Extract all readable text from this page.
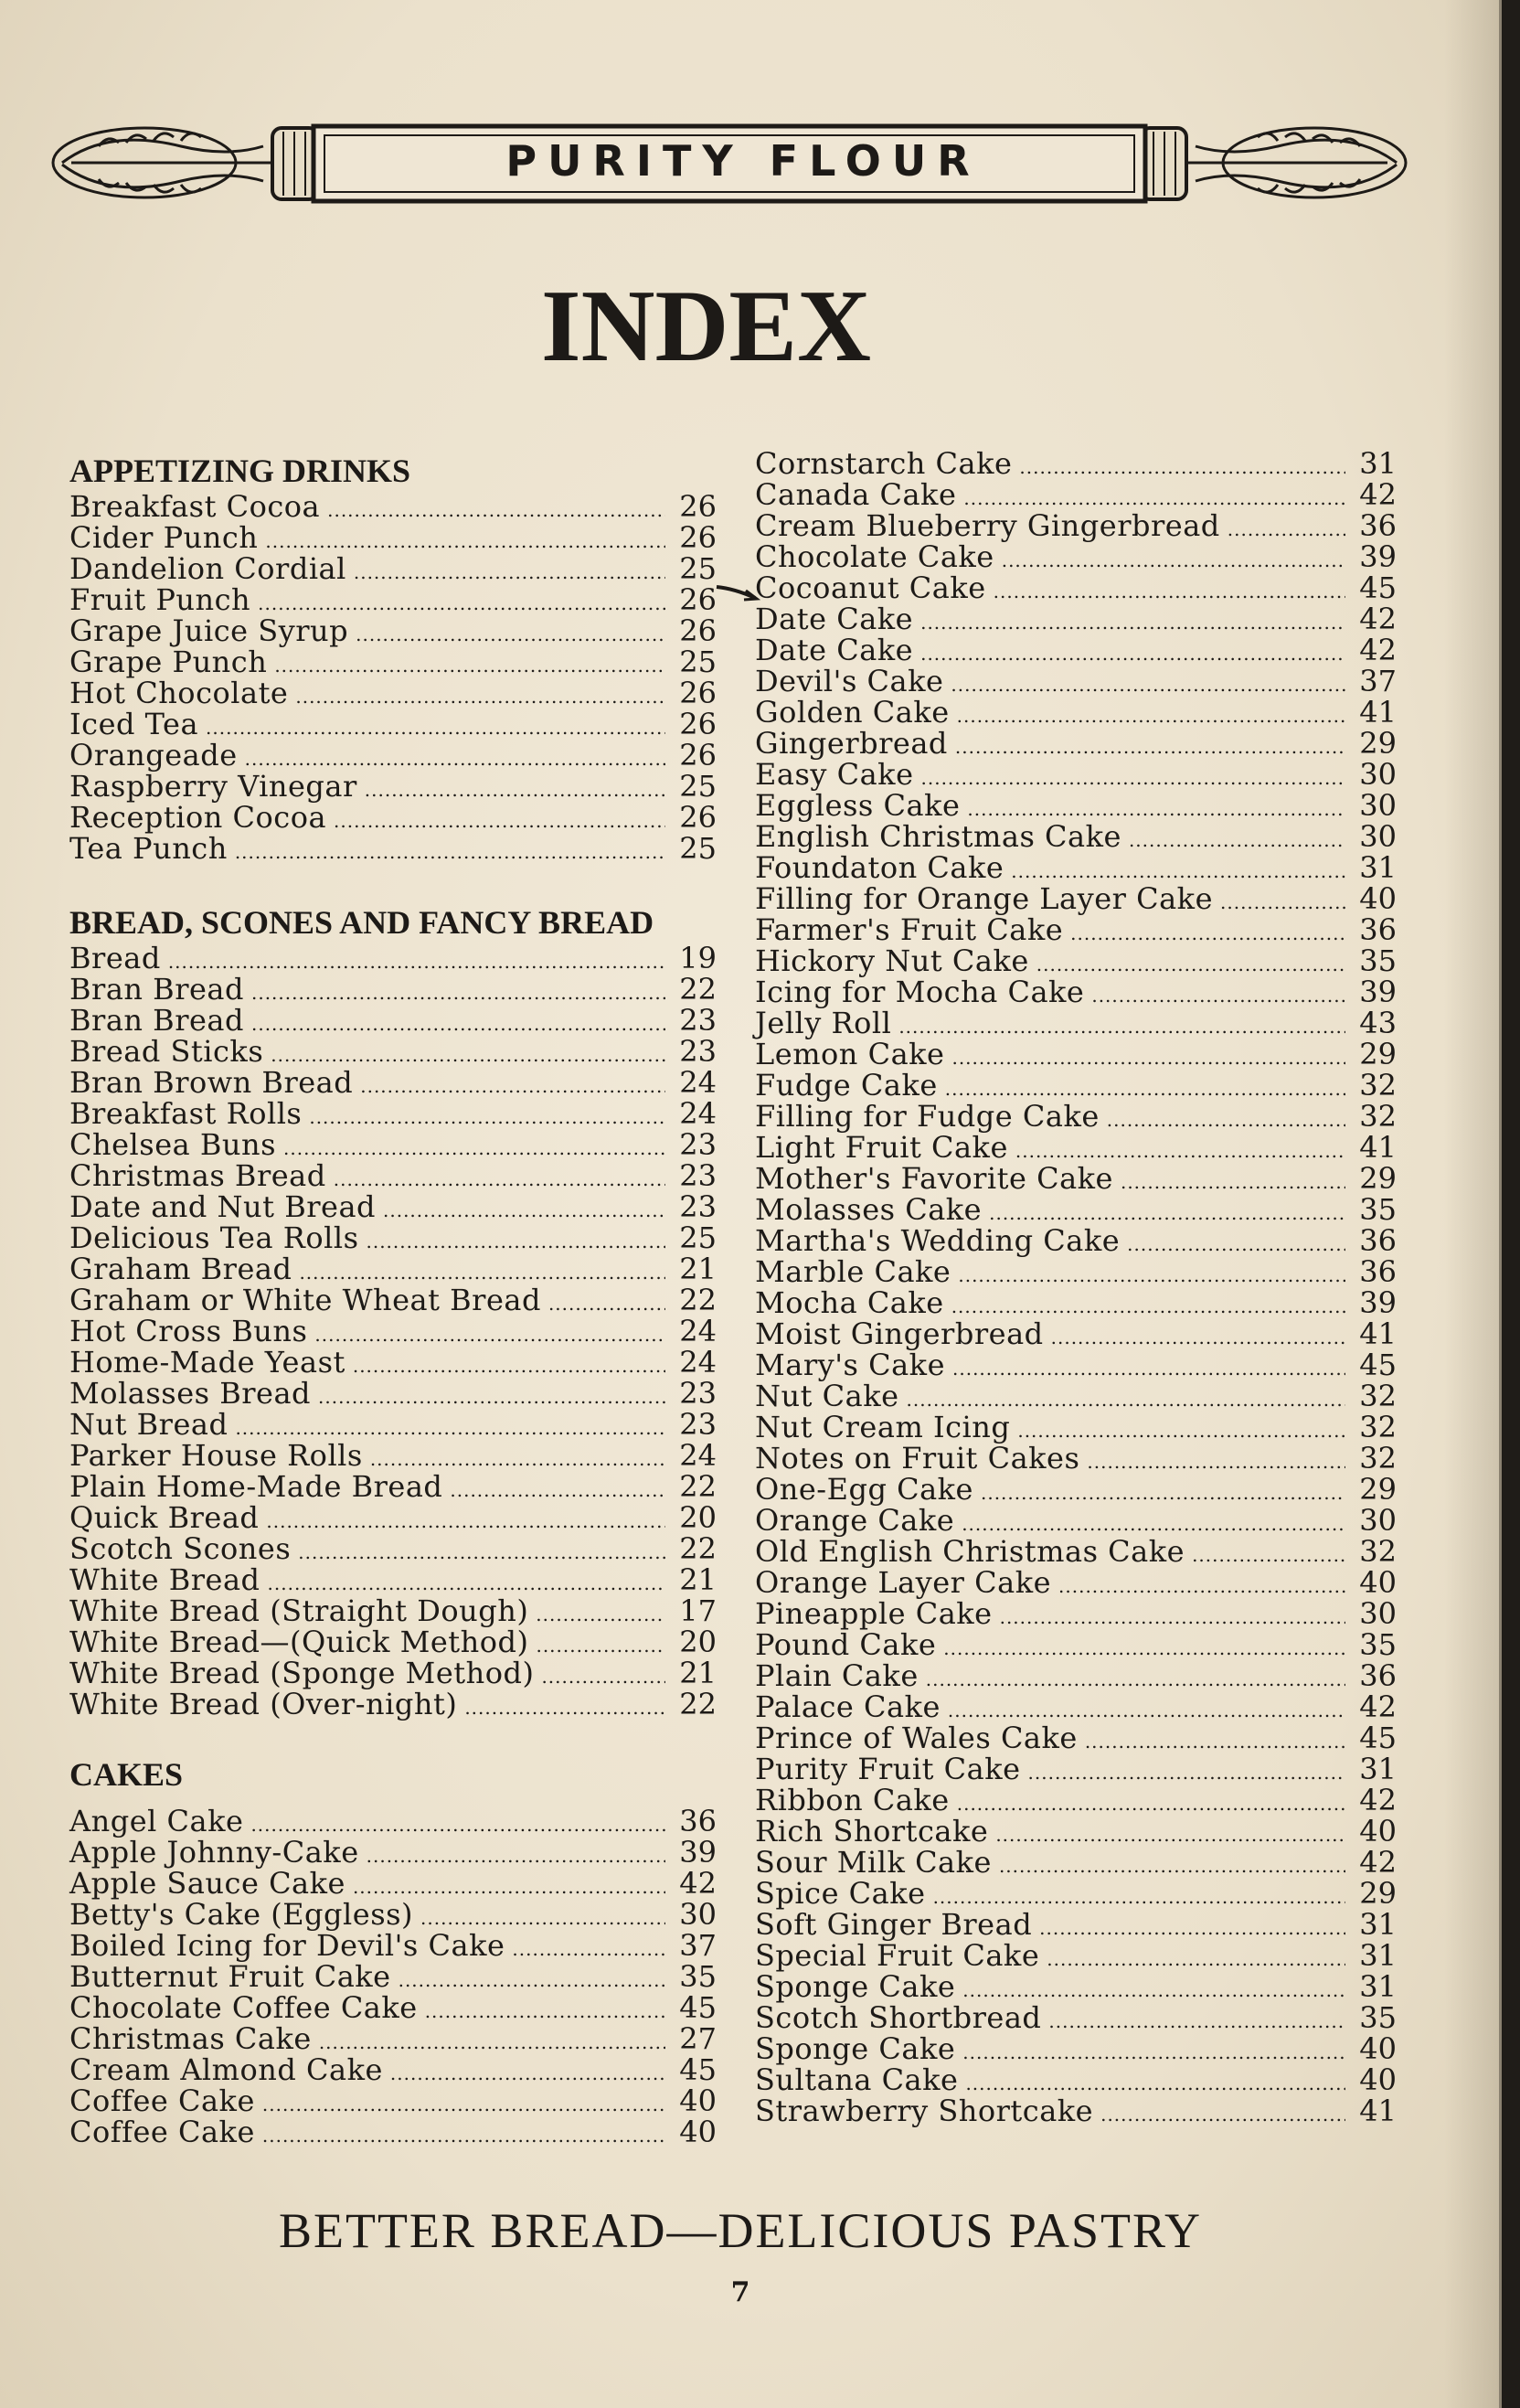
PURITY FLOUR
INDEX
APPETIZING DRINKS
Breakfast Cocoa .....	26
Cider Punch .....	26
Dandelion Cordial .....	25
Fruit Punch .....	26
Grape Juice Syrup .....	26
Grape Punch .....	25
Hot Chocolate .....	26
Iced Tea .....	26
Orangeade .....	26
Raspberry Vinegar .....	25
Reception Cocoa .....	26
Tea Punch .....	25
BREAD, SCONES AND FANCY BREAD
Bread .....	19
Bran Bread .....	22
Bran Bread .....	23
Bread Sticks .....	23
Bran Brown Bread .....	24
Breakfast Rolls .....	24
Chelsea Buns .....	23
Christmas Bread .....	23
Date and Nut Bread .....	23
Delicious Tea Rolls .....	25
Graham Bread .....	21
Graham or White Wheat Bread .....	22
Hot Cross Buns .....	24
Home-Made Yeast .....	24
Molasses Bread .....	23
Nut Bread .....	23
Parker House Rolls .....	24
Plain Home-Made Bread .....	22
Quick Bread .....	20
Scotch Scones .....	22
White Bread .....	21
White Bread (Straight Dough) .....	17
White Bread—(Quick Method) .....	20
White Bread (Sponge Method) .....	21
White Bread (Over-night) .....	22
CAKES
Angel Cake .....	36
Apple Johnny-Cake .....	39
Apple Sauce Cake .....	42
Betty's Cake (Eggless) .....	30
Boiled Icing for Devil's Cake .....	37
Butternut Fruit Cake .....	35
Chocolate Coffee Cake .....	45
Christmas Cake .....	27
Cream Almond Cake .....	45
Coffee Cake .....	40
Coffee Cake .....	40
Cornstarch Cake .....	31
Canada Cake .....	42
Cream Blueberry Gingerbread .....	36
Chocolate Cake .....	39
Cocoanut Cake .....	45
Date Cake .....	42
Date Cake .....	42
Devil's Cake .....	37
Golden Cake .....	41
Gingerbread .....	29
Easy Cake .....	30
Eggless Cake .....	30
English Christmas Cake .....	30
Foundaton Cake .....	31
Filling for Orange Layer Cake .....	40
Farmer's Fruit Cake .....	36
Hickory Nut Cake .....	35
Icing for Mocha Cake .....	39
Jelly Roll .....	43
Lemon Cake .....	29
Fudge Cake .....	32
Filling for Fudge Cake .....	32
Light Fruit Cake .....	41
Mother's Favorite Cake .....	29
Molasses Cake .....	35
Martha's Wedding Cake .....	36
Marble Cake .....	36
Mocha Cake .....	39
Moist Gingerbread .....	41
Mary's Cake .....	45
Nut Cake .....	32
Nut Cream Icing .....	32
Notes on Fruit Cakes .....	32
One-Egg Cake .....	29
Orange Cake .....	30
Old English Christmas Cake .....	32
Orange Layer Cake .....	40
Pineapple Cake .....	30
Pound Cake .....	35
Plain Cake .....	36
Palace Cake .....	42
Prince of Wales Cake .....	45
Purity Fruit Cake .....	31
Ribbon Cake .....	42
Rich Shortcake .....	40
Sour Milk Cake .....	42
Spice Cake .....	29
Soft Ginger Bread .....	31
Special Fruit Cake .....	31
Sponge Cake .....	31
Scotch Shortbread .....	35
Sponge Cake .....	40
Sultana Cake .....	40
Strawberry Shortcake .....	41
BETTER BREAD—DELICIOUS PASTRY
7
